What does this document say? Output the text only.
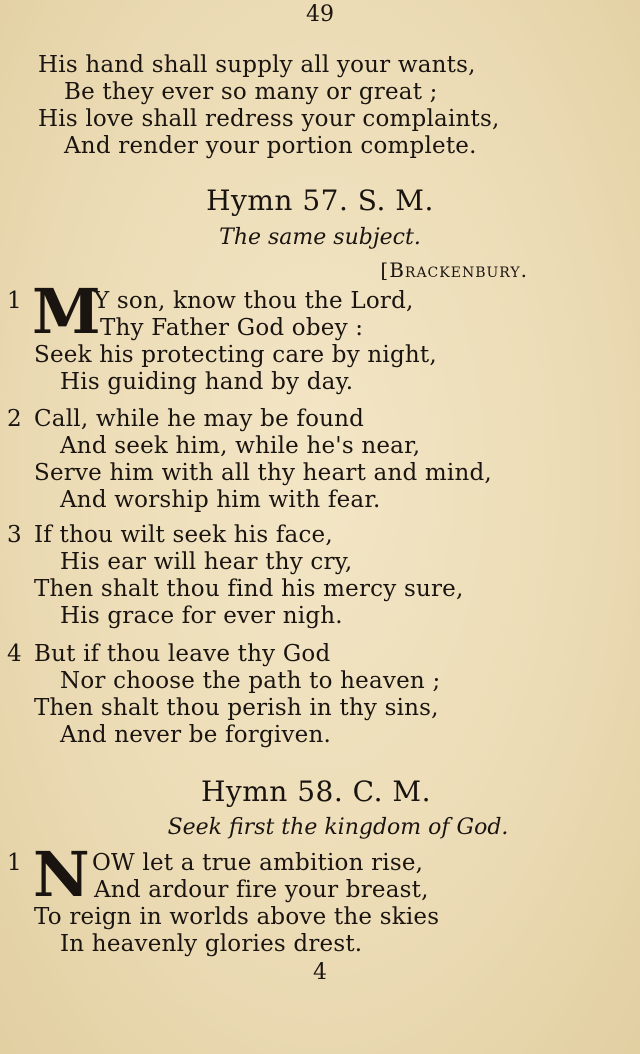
49
His hand shall supply all your wants,
Be they ever so many or great ;
His love shall redress your complaints,
And render your portion complete.
Hymn 57. S. M.
The same subject.
[Brackenbury.
1 M
Y son, know thou the Lord,
Thy Father God obey :
Seek his protecting care by night,
His guiding hand by day.
2 Call, while he may be found
And seek him, while he's near,
Serve him with all thy heart and mind,
And worship him with fear.
3 If thou wilt seek his face,
His ear will hear thy cry,
Then shalt thou find his mercy sure,
His grace for ever nigh.
4 But if thou leave thy God
Nor choose the path to heaven ;
Then shalt thou perish in thy sins,
And never be forgiven.
Hymn 58. C. M.
Seek first the kingdom of God.
1 N OW let a true ambition rise,
And ardour fire your breast,
To reign in worlds above the skies
In heavenly glories drest.
4
